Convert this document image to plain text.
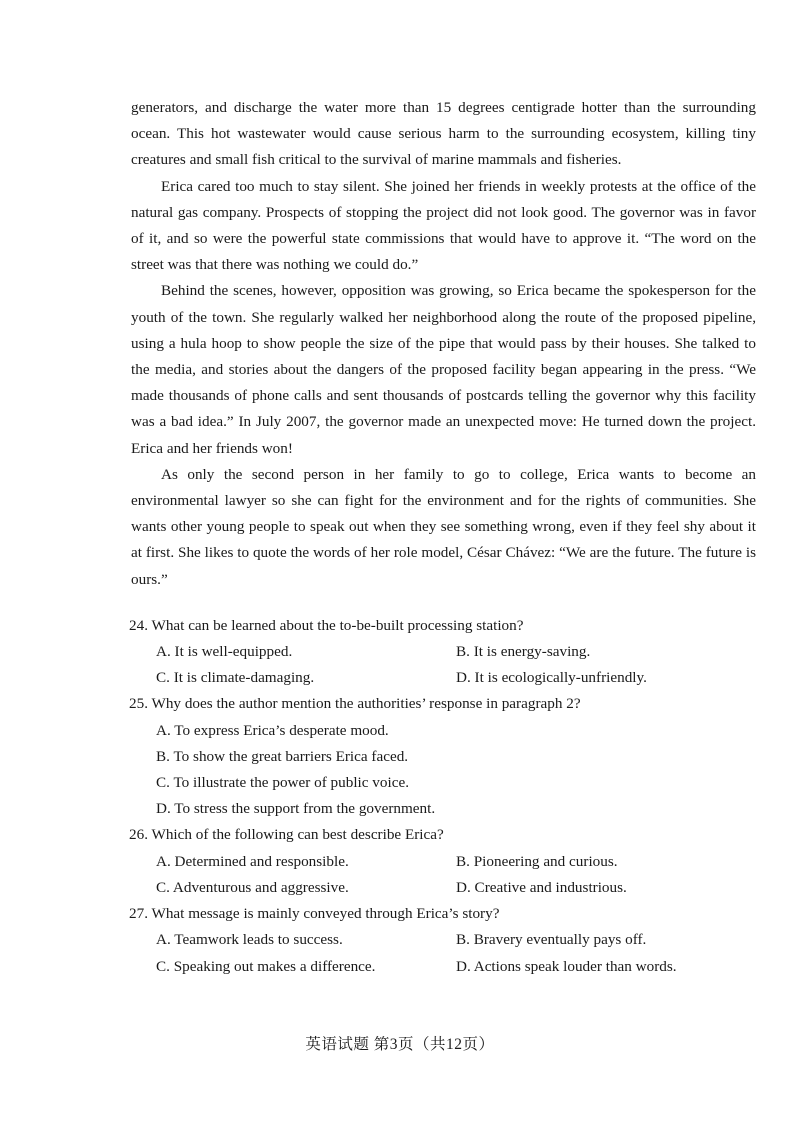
generators, and discharge the water more than 15 degrees centigrade hotter than the surrounding ocean. This hot wastewater would cause serious harm to the surrounding ecosystem, killing tiny creatures and small fish critical to the survival of marine mammals and fisheries.

Erica cared too much to stay silent. She joined her friends in weekly protests at the office of the natural gas company. Prospects of stopping the project did not look good. The governor was in favor of it, and so were the powerful state commissions that would have to approve it. “The word on the street was that there was nothing we could do.”

Behind the scenes, however, opposition was growing, so Erica became the spokesperson for the youth of the town. She regularly walked her neighborhood along the route of the proposed pipeline, using a hula hoop to show people the size of the pipe that would pass by their houses. She talked to the media, and stories about the dangers of the proposed facility began appearing in the press. “We made thousands of phone calls and sent thousands of postcards telling the governor why this facility was a bad idea.” In July 2007, the governor made an unexpected move: He turned down the project. Erica and her friends won!

As only the second person in her family to go to college, Erica wants to become an environmental lawyer so she can fight for the environment and for the rights of communities. She wants other young people to speak out when they see something wrong, even if they feel shy about it at first. She likes to quote the words of her role model, César Chávez: “We are the future. The future is ours.”

24. What can be learned about the to-be-built processing station?

A. It is well-equipped.	B. It is energy-saving.
C. It is climate-damaging.	D. It is ecologically-unfriendly.

25. Why does the author mention the authorities’ response in paragraph 2?

A. To express Erica’s desperate mood.
B. To show the great barriers Erica faced.
C. To illustrate the power of public voice.
D. To stress the support from the government.

26. Which of the following can best describe Erica?

A. Determined and responsible.	B. Pioneering and curious.
C. Adventurous and aggressive.	D. Creative and industrious.

27. What message is mainly conveyed through Erica’s story?

A. Teamwork leads to success.	B. Bravery eventually pays off.
C. Speaking out makes a difference.	D. Actions speak louder than words.
英语试题 第3页（共12页）
